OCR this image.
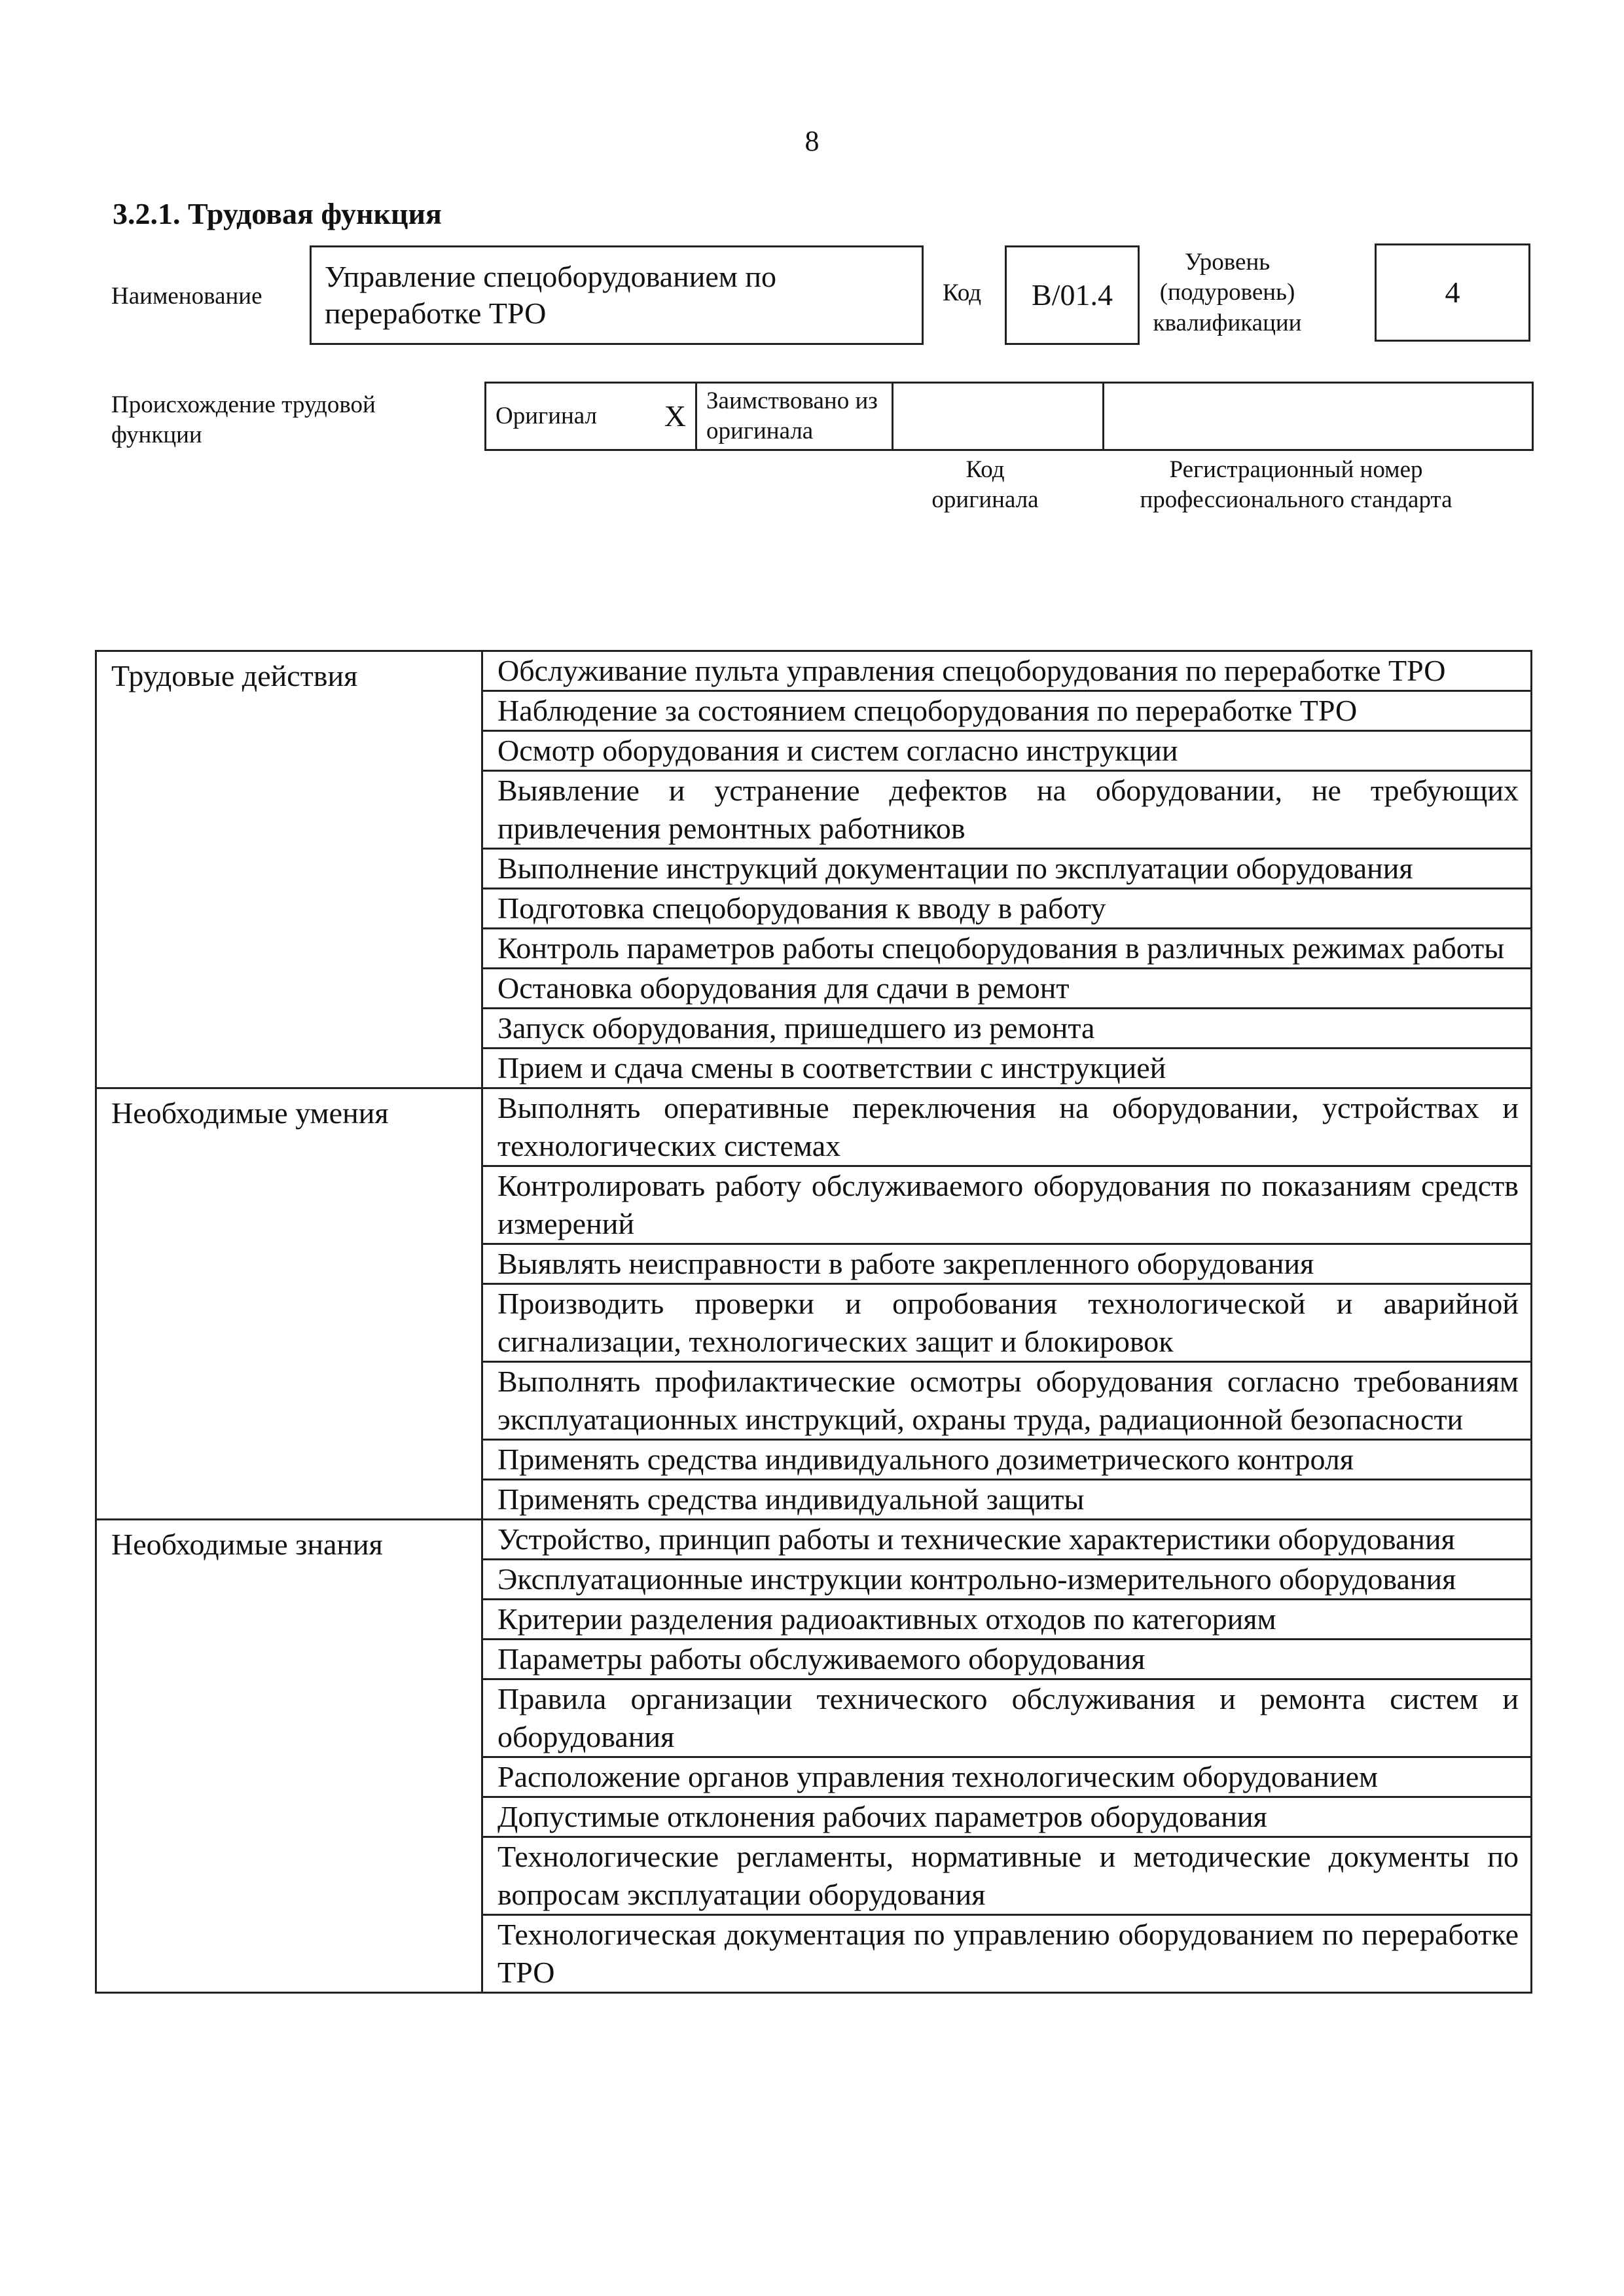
8
3.2.1. Трудовая функция
Наименование
Управление спецоборудованием по переработке ТРО
Код B/01.4
Уровень (подуровень) квалификации
4
Происхождение трудовой функции
Оригинал X	Заимствовано из оригинала		
Код оригинала
Регистрационный номер профессионального стандарта
Трудовые действия	Обслуживание пульта управления спецоборудования по переработке ТРО
	Наблюдение за состоянием спецоборудования по переработке ТРО
	Осмотр оборудования и систем согласно инструкции
	Выявление и устранение дефектов на оборудовании, не требующих привлечения ремонтных работников
	Выполнение инструкций документации по эксплуатации оборудования
	Подготовка спецоборудования к вводу в работу
	Контроль параметров работы спецоборудования в различных режимах работы
	Остановка оборудования для сдачи в ремонт
	Запуск оборудования, пришедшего из ремонта
	Прием и сдача смены в соответствии с инструкцией
Необходимые умения	Выполнять оперативные переключения на оборудовании, устройствах и технологических системах
	Контролировать работу обслуживаемого оборудования по показаниям средств измерений
	Выявлять неисправности в работе закрепленного оборудования
	Производить проверки и опробования технологической и аварийной сигнализации, технологических защит и блокировок
	Выполнять профилактические осмотры оборудования согласно требованиям эксплуатационных инструкций, охраны труда, радиационной безопасности
	Применять средства индивидуального дозиметрического контроля
	Применять средства индивидуальной защиты
Необходимые знания	Устройство, принцип работы и технические характеристики оборудования
	Эксплуатационные инструкции контрольно-измерительного оборудования
	Критерии разделения радиоактивных отходов по категориям
	Параметры работы обслуживаемого оборудования
	Правила организации технического обслуживания и ремонта систем и оборудования
	Расположение органов управления технологическим оборудованием
	Допустимые отклонения рабочих параметров оборудования
	Технологические регламенты, нормативные и методические документы по вопросам эксплуатации оборудования
	Технологическая документация по управлению оборудованием по переработке ТРО
